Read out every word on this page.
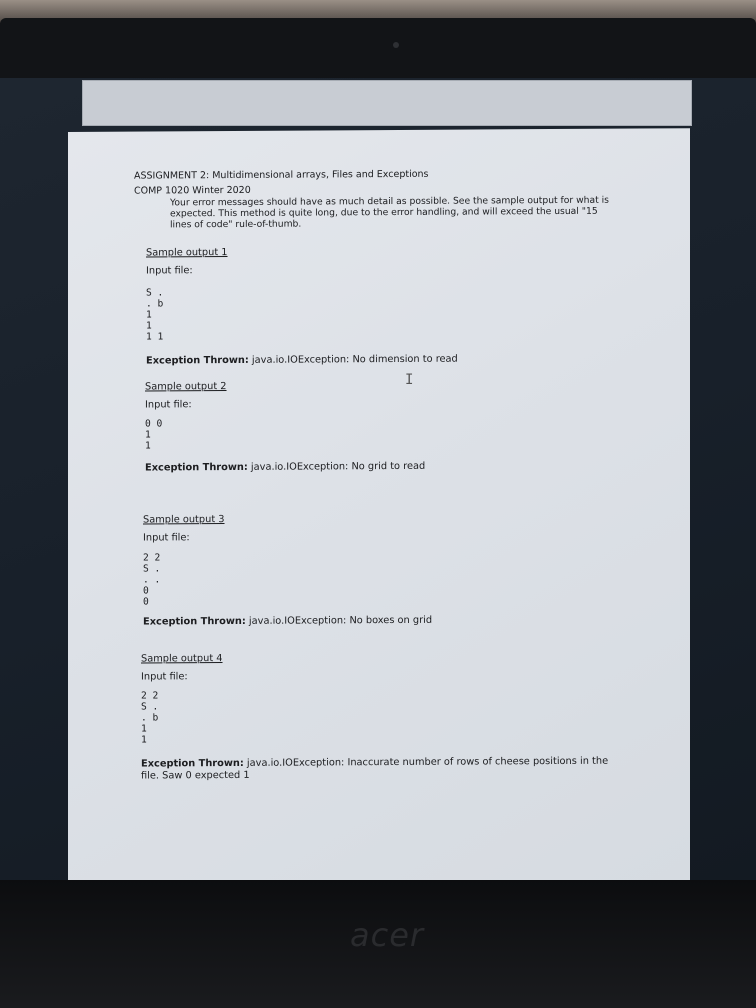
ASSIGNMENT 2: Multidimensional arrays, Files and Exceptions

COMP 1020 Winter 2020

Your error messages should have as much detail as possible. See the sample output for what is expected. This method is quite long, due to the error handling, and will exceed the usual "15 lines of code" rule-of-thumb.

Sample output 1

Input file:

S .
. b
1
1
1 1

Exception Thrown: java.io.IOException: No dimension to read

Sample output 2

Input file:

0 0
1
1

Exception Thrown: java.io.IOException: No grid to read

Sample output 3

Input file:

2 2
S .
. .
0
0

Exception Thrown: java.io.IOException: No boxes on grid

Sample output 4

Input file:

2 2
S .
. b
1
1

Exception Thrown: java.io.IOException: Inaccurate number of rows of cheese positions in the file. Saw 0 expected 1

I
acer
